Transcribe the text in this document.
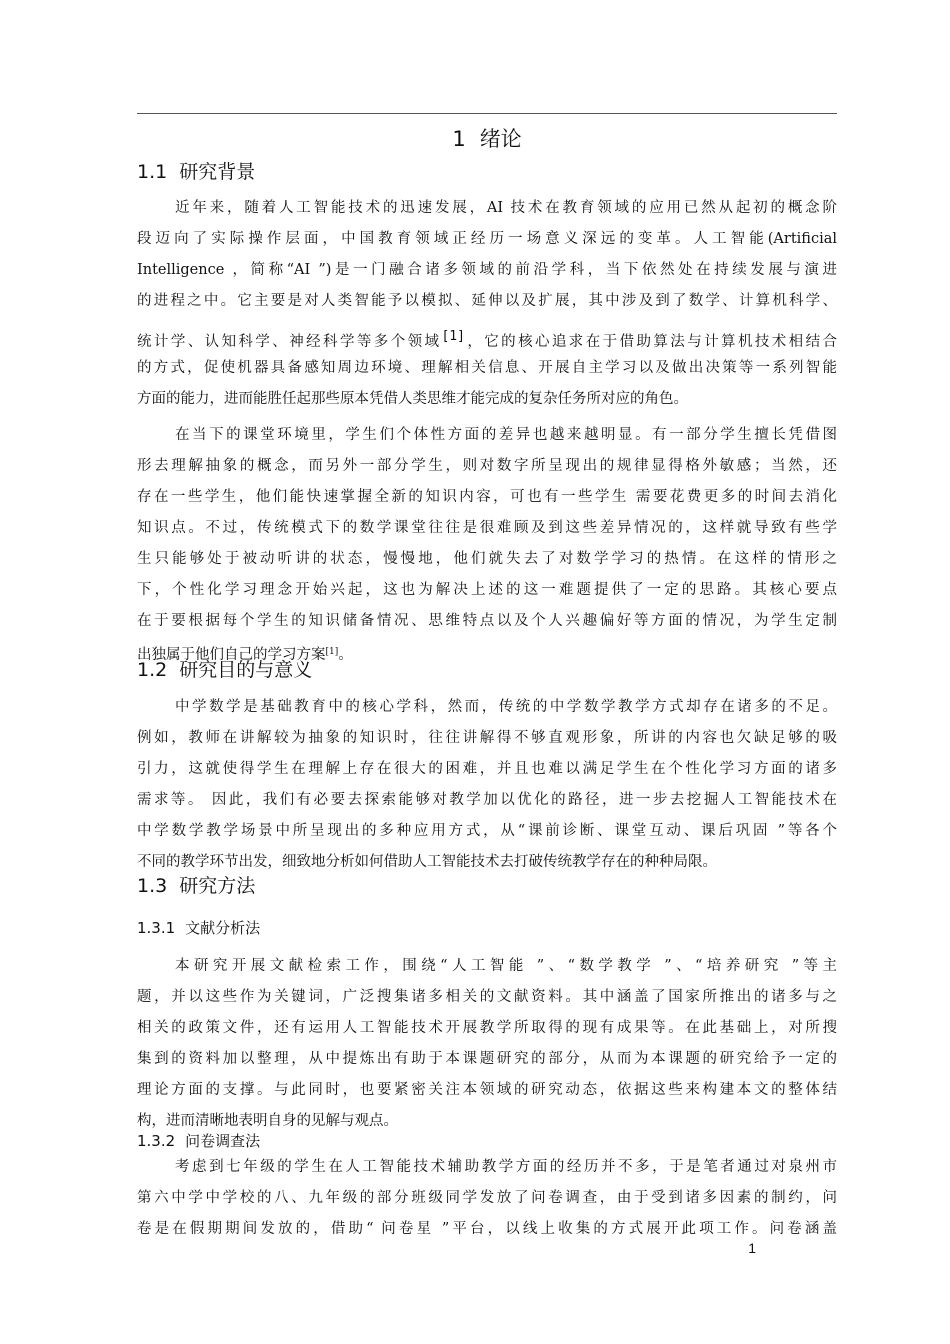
1 绪论
1.1 研究背景
近年来，随着人工智能技术的迅速发展，AI 技术在教育领域的应用已然从起初的概念阶
段迈向了实际操作层面，中国教育领域正经历一场意义深远的变革。人工智能(Artificial
Intelligence ，简称“AI ”)是一门融合诸多领域的前沿学科，当下依然处在持续发展与演进
的进程之中。它主要是对人类智能予以模拟、延伸以及扩展，其中涉及到了数学、计算机科学、
统计学、认知科学、神经科学等多个领域[1]，它的核心追求在于借助算法与计算机技术相结合
的方式，促使机器具备感知周边环境、理解相关信息、开展自主学习以及做出决策等一系列智能
方面的能力，进而能胜任起那些原本凭借人类思维才能完成的复杂任务所对应的角色。
在当下的课堂环境里，学生们个体性方面的差异也越来越明显。有一部分学生擅长凭借图
形去理解抽象的概念，而另外一部分学生，则对数字所呈现出的规律显得格外敏感；当然，还
存在一些学生，他们能快速掌握全新的知识内容，可也有一些学生 需要花费更多的时间去消化
知识点。不过，传统模式下的数学课堂往往是很难顾及到这些差异情况的，这样就导致有些学
生只能够处于被动听讲的状态，慢慢地，他们就失去了对数学学习的热情。在这样的情形之
下，个性化学习理念开始兴起，这也为解决上述的这一难题提供了一定的思路。其核心要点
在于要根据每个学生的知识储备情况、思维特点以及个人兴趣偏好等方面的情况，为学生定制
出独属于他们自己的学习方案[1]。
1.2 研究目的与意义
中学数学是基础教育中的核心学科，然而，传统的中学数学教学方式却存在诸多的不足。
例如，教师在讲解较为抽象的知识时，往往讲解得不够直观形象，所讲的内容也欠缺足够的吸
引力，这就使得学生在理解上存在很大的困难，并且也难以满足学生在个性化学习方面的诸多
需求等。 因此，我们有必要去探索能够对教学加以优化的路径，进一步去挖掘人工智能技术在
中学数学教学场景中所呈现出的多种应用方式，从“课前诊断、课堂互动、课后巩固 ”等各个
不同的教学环节出发，细致地分析如何借助人工智能技术去打破传统教学存在的种种局限。
1.3 研究方法
1.3.1 文献分析法
本研究开展文献检索工作，围绕“人工智能 ”、“数学教学 ”、“培养研究 ”等主
题，并以这些作为关键词，广泛搜集诸多相关的文献资料。其中涵盖了国家所推出的诸多与之
相关的政策文件，还有运用人工智能技术开展教学所取得的现有成果等。在此基础上，对所搜
集到的资料加以整理，从中提炼出有助于本课题研究的部分，从而为本课题的研究给予一定的
理论方面的支撑。与此同时，也要紧密关注本领域的研究动态，依据这些来构建本文的整体结
构，进而清晰地表明自身的见解与观点。
1.3.2 问卷调查法
考虑到七年级的学生在人工智能技术辅助教学方面的经历并不多，于是笔者通过对泉州市
第六中学中学校的八、九年级的部分班级同学发放了问卷调查，由于受到诸多因素的制约，问
卷是在假期期间发放的，借助“ 问卷星 ”平台，以线上收集的方式展开此项工作。问卷涵盖
1
